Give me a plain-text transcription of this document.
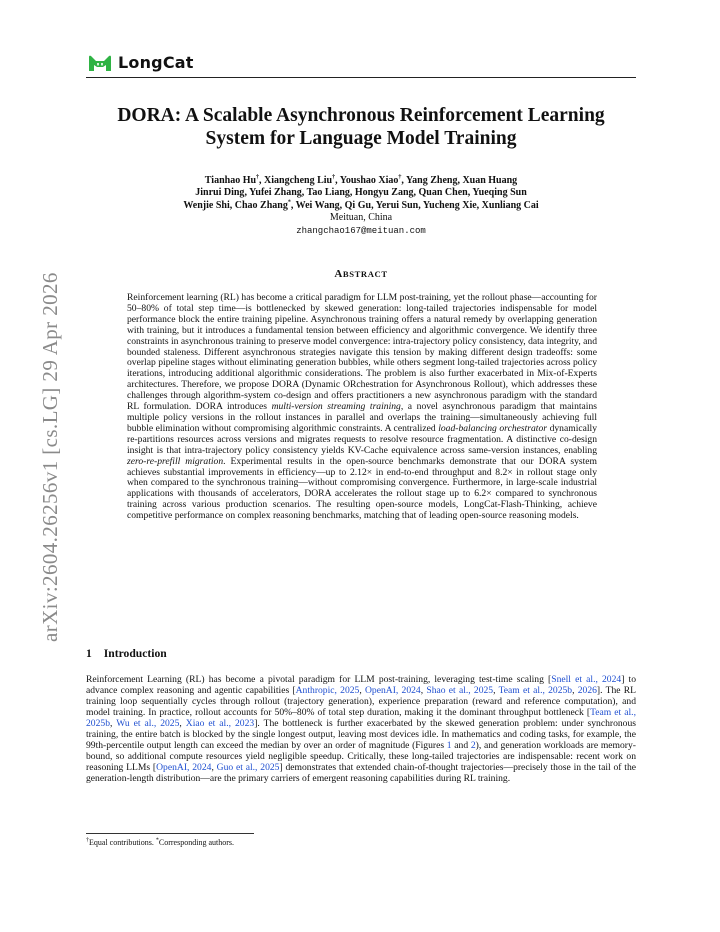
LongCat
arXiv:2604.26256v1 [cs.LG] 29 Apr 2026
DORA: A Scalable Asynchronous Reinforcement Learning
System for Language Model Training
Tianhao Hu†, Xiangcheng Liu†, Youshao Xiao†, Yang Zheng, Xuan Huang
Jinrui Ding, Yufei Zhang, Tao Liang, Hongyu Zang, Quan Chen, Yueqing Sun
Wenjie Shi, Chao Zhang*, Wei Wang, Qi Gu, Yerui Sun, Yucheng Xie, Xunliang Cai
Meituan, China
zhangchao167@meituan.com
ABSTRACT

Reinforcement learning (RL) has become a critical paradigm for LLM post-training, yet the rollout phase—accounting for 50–80% of total step time—is bottlenecked by skewed generation: long-tailed trajectories indispensable for model performance block the entire training pipeline. Asynchronous training offers a natural remedy by overlapping generation with training, but it introduces a fundamental tension between efficiency and algorithmic convergence. We identify three constraints in asynchronous training to preserve model convergence: intra-trajectory policy consistency, data integrity, and bounded staleness. Different asynchronous strategies navigate this tension by making different design tradeoffs: some overlap pipeline stages without eliminating generation bubbles, while others segment long-tailed trajectories across policy iterations, introducing additional algorithmic considerations. The problem is also further exacerbated in Mix-of-Experts architectures. Therefore, we propose DORA (Dynamic ORchestration for Asynchronous Rollout), which addresses these challenges through algorithm-system co-design and offers practitioners a new asynchronous paradigm with the standard RL formulation. DORA introduces multi-version streaming training, a novel asynchronous paradigm that maintains multiple policy versions in the rollout instances in parallel and overlaps the training—simultaneously achieving full bubble elimination without compromising algorithmic constraints. A centralized load-balancing orchestrator dynamically re-partitions resources across versions and migrates requests to resolve resource fragmentation. A distinctive co-design insight is that intra-trajectory policy consistency yields KV-Cache equivalence across same-version instances, enabling zero-re-prefill migration. Experimental results in the open-source benchmarks demonstrate that our DORA system achieves substantial improvements in efficiency—up to 2.12× in end-to-end throughput and 8.2× in rollout stage only when compared to the synchronous training—without compromising convergence. Furthermore, in large-scale industrial applications with thousands of accelerators, DORA accelerates the rollout stage up to 6.2× compared to synchronous training across various production scenarios. The resulting open-source models, LongCat-Flash-Thinking, achieve competitive performance on complex reasoning benchmarks, matching that of leading open-source reasoning models.

1 Introduction

Reinforcement Learning (RL) has become a pivotal paradigm for LLM post-training, leveraging test-time scaling [Snell et al., 2024] to advance complex reasoning and agentic capabilities [Anthropic, 2025, OpenAI, 2024, Shao et al., 2025, Team et al., 2025b, 2026]. The RL training loop sequentially cycles through rollout (trajectory generation), experience preparation (reward and reference computation), and model training. In practice, rollout accounts for 50%–80% of total step duration, making it the dominant throughput bottleneck [Team et al., 2025b, Wu et al., 2025, Xiao et al., 2023]. The bottleneck is further exacerbated by the skewed generation problem: under synchronous training, the entire batch is blocked by the single longest output, leaving most devices idle. In mathematics and coding tasks, for example, the 99th-percentile output length can exceed the median by over an order of magnitude (Figures 1 and 2), and generation workloads are memory-bound, so additional compute resources yield negligible speedup. Critically, these long-tailed trajectories are indispensable: recent work on reasoning LLMs [OpenAI, 2024, Guo et al., 2025] demonstrates that extended chain-of-thought trajectories—precisely those in the tail of the generation-length distribution—are the primary carriers of emergent reasoning capabilities during RL training.

†Equal contributions. *Corresponding authors.
